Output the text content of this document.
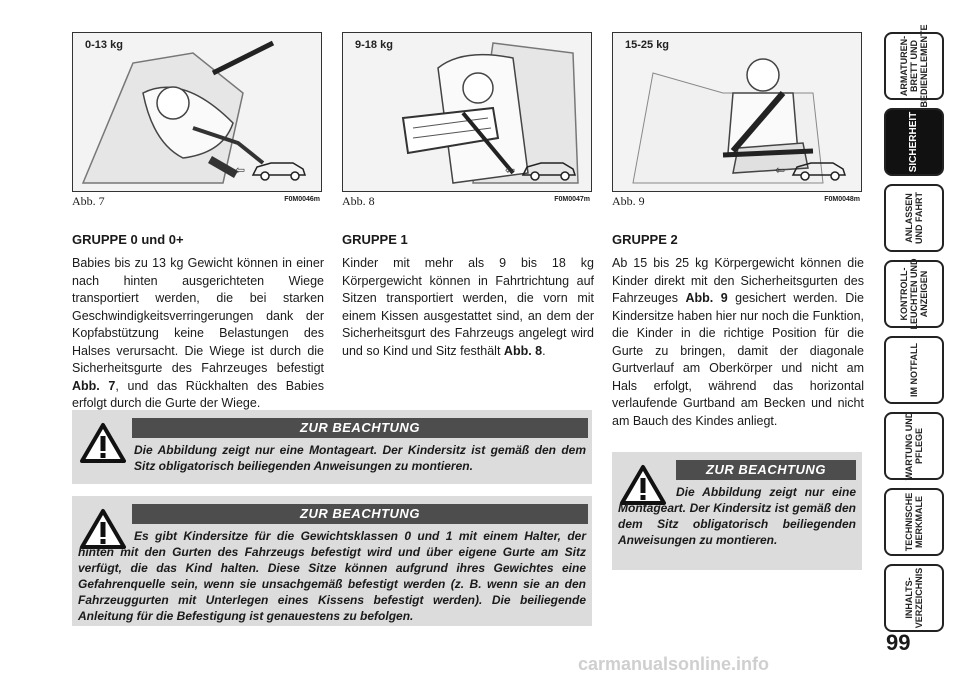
0-13 kg
⇦
Abb. 7	F0M0046m
9-18 kg
⇦
Abb. 8	F0M0047m
15-25 kg
⇦
Abb. 9	F0M0048m
GRUPPE 0 und 0+

Babies bis zu 13 kg Gewicht können in einer nach hinten ausgerichteten Wiege transportiert werden, die bei starken Geschwindigkeitsverringerungen dank der Kopfabstützung keine Belastungen des Halses verursacht. Die Wiege ist durch die Sicherheitsgurte des Fahrzeuges befestigt Abb. 7, und das Rückhalten des Babies erfolgt durch die Gurte der Wiege.

GRUPPE 1

Kinder mit mehr als 9 bis 18 kg Körpergewicht können in Fahrtrichtung auf Sitzen transportiert werden, die vorn mit einem Kissen ausgestattet sind, an dem der Sicherheitsgurt des Fahrzeugs angelegt wird und so Kind und Sitz festhält Abb. 8.

GRUPPE 2

Ab 15 bis 25 kg Körpergewicht können die Kinder direkt mit den Sicherheitsgurten des Fahrzeuges Abb. 9 gesichert werden. Die Kindersitze haben hier nur noch die Funktion, die Kinder in die richtige Position für die Gurte zu bringen, damit der diagonale Gurtverlauf am Oberkörper und nicht am Hals erfolgt, während das horizontal verlaufende Gurtband am Becken und nicht am Bauch des Kindes anliegt.

ZUR BEACHTUNG
Die Abbildung zeigt nur eine Montageart. Der Kindersitz ist gemäß den dem Sitz obligatorisch beiliegenden Anweisungen zu montieren.
ZUR BEACHTUNG
Es gibt Kindersitze für die Gewichtsklassen 0 und 1 mit einem Halter, der hinten mit den Gurten des Fahrzeugs befestigt wird und über eigene Gurte am Sitz verfügt, die das Kind halten. Diese Sitze können aufgrund ihres Gewichtes eine Gefahrenquelle sein, wenn sie unsachgemäß befestigt werden (z. B. wenn sie an den Fahrzeuggurten mit Unterlegen eines Kissens befestigt werden). Die beiliegende Anleitung für die Befestigung ist genauestens zu befolgen.
ZUR BEACHTUNG
Die Abbildung zeigt nur eine Montageart. Der Kindersitz ist gemäß den dem Sitz obligatorisch beiliegenden Anweisungen zu montieren.
ARMATUREN-
BRETT UND
BEDIENELEMENTE
SICHERHEIT
ANLASSEN
UND FAHRT
KONTROLL-
LEUCHTEN UND
ANZEIGEN
IM NOTFALL
WARTUNG UND
PFLEGE
TECHNISCHE
MERKMALE
INHALTS-
VERZEICHNIS
99
carmanualsonline.info
